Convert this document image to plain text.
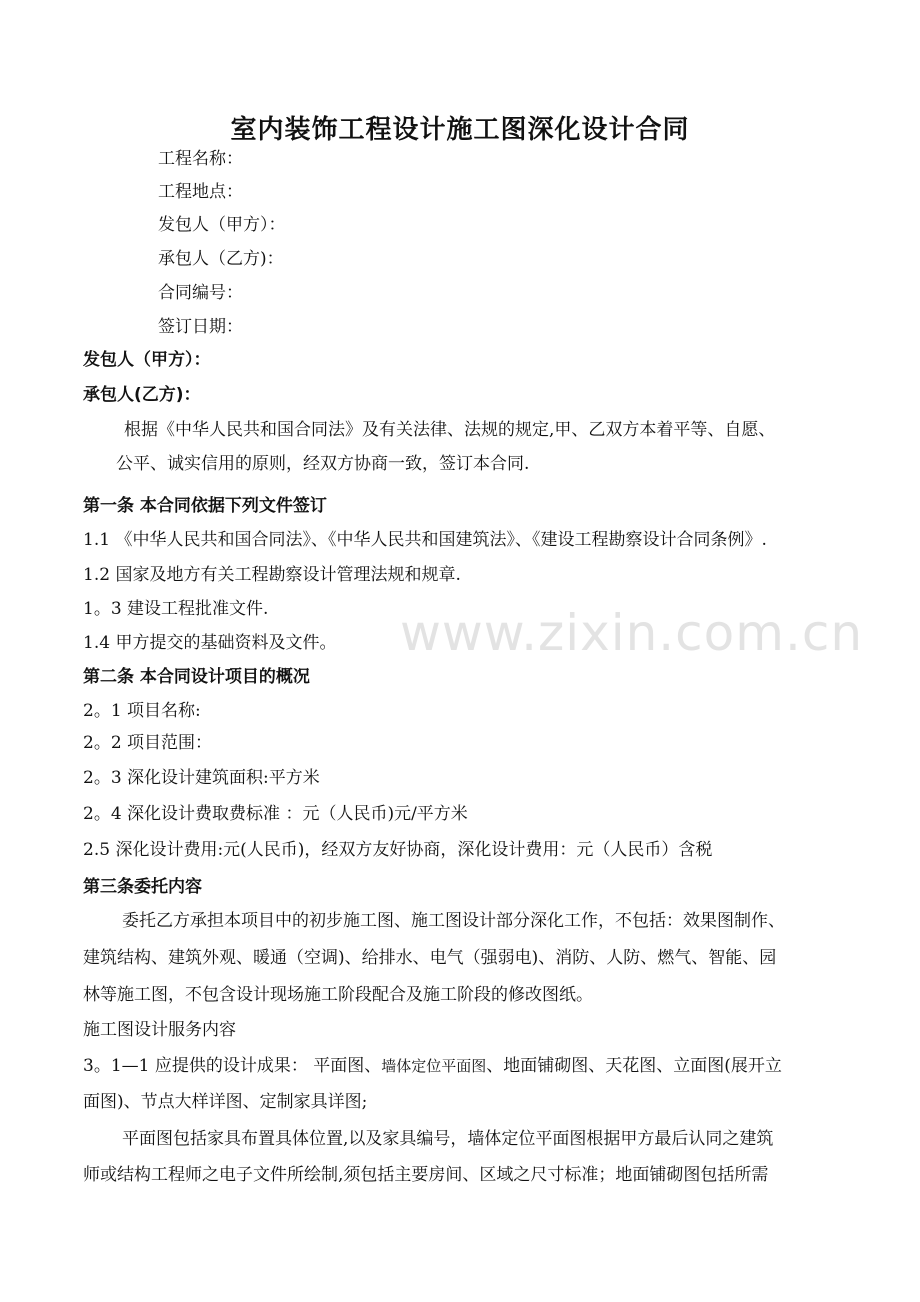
www.zixin.com.cn
室内装饰工程设计施工图深化设计合同
工程名称：
工程地点：
发包人（甲方）：
承包人（乙方)：
合同编号：
签订日期：
发包人（甲方）：
承包人(乙方)：
根据《中华人民共和国合同法》及有关法律、法规的规定,甲、乙双方本着平等、自愿、
公平、诚实信用的原则，经双方协商一致，签订本合同.
第一条 本合同依据下列文件签订
1.1 《中华人民共和国合同法》、《中华人民共和国建筑法》、《建设工程勘察设计合同条例》.
1.2 国家及地方有关工程勘察设计管理法规和规章.
1。3 建设工程批准文件.
1.4 甲方提交的基础资料及文件。
第二条 本合同设计项目的概况
2。1 项目名称:
2。2 项目范围：
2。3 深化设计建筑面积:平方米
2。4 深化设计费取费标准 ：元（人民币)元/平方米
2.5 深化设计费用:元(人民币)，经双方友好协商，深化设计费用：元（人民币）含税
第三条委托内容
委托乙方承担本项目中的初步施工图、施工图设计部分深化工作，不包括：效果图制作、
建筑结构、建筑外观、暖通（空调)、给排水、电气（强弱电)、消防、人防、燃气、智能、园
林等施工图，不包含设计现场施工阶段配合及施工阶段的修改图纸。
施工图设计服务内容
3。1—1 应提供的设计成果： 平面图、墙体定位平面图、地面铺砌图、天花图、立面图(展开立
面图)、节点大样详图、定制家具详图;
平面图包括家具布置具体位置,以及家具编号，墙体定位平面图根据甲方最后认同之建筑
师或结构工程师之电子文件所绘制,须包括主要房间、区域之尺寸标准；地面铺砌图包括所需
